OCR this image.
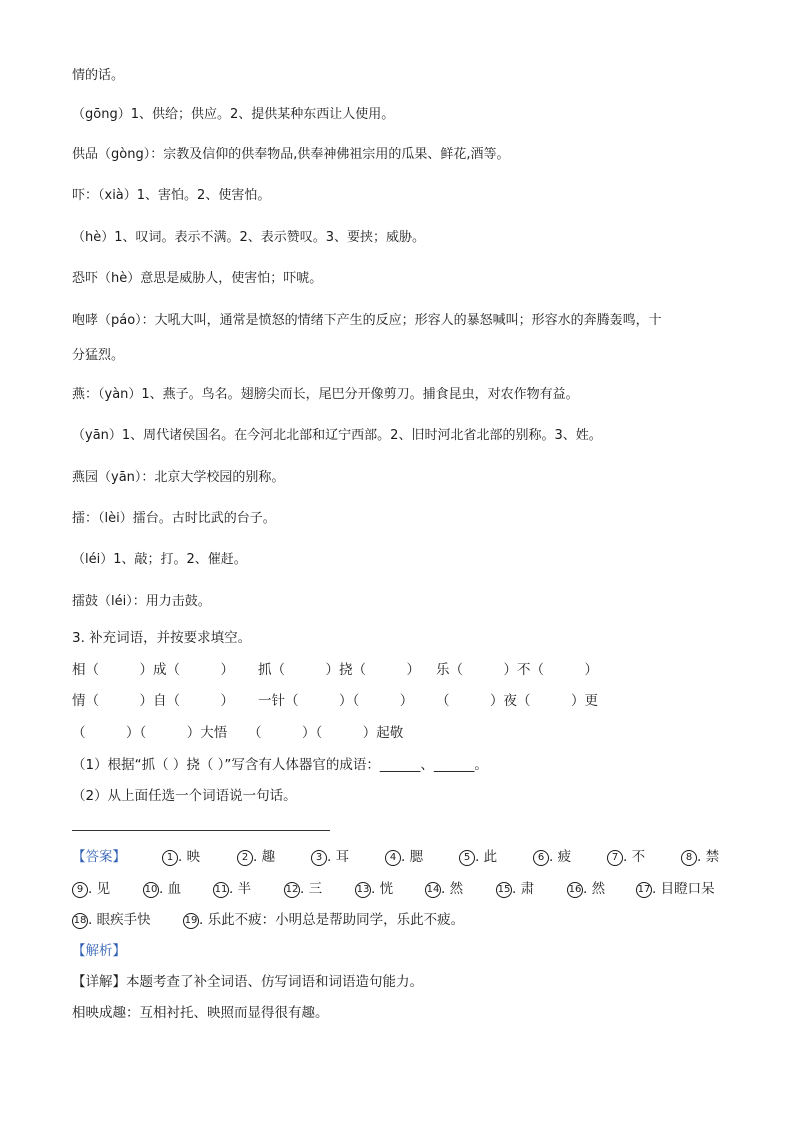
情的话。
（gōng）1、供给；供应。2、提供某种东西让人使用。
供品（gòng）：宗教及信仰的供奉物品,供奉神佛祖宗用的瓜果、鲜花,酒等。
吓：（xià）1、害怕。2、使害怕。
（hè）1、叹词。表示不满。2、表示赞叹。3、要挟；威胁。
恐吓（hè）意思是威胁人，使害怕；吓唬。
咆哮（páo）：大吼大叫，通常是愤怒的情绪下产生的反应；形容人的暴怒喊叫；形容水的奔腾轰鸣，十
分猛烈。
燕：（yàn）1、燕子。鸟名。翅膀尖而长，尾巴分开像剪刀。捕食昆虫，对农作物有益。
（yān）1、周代诸侯国名。在今河北北部和辽宁西部。2、旧时河北省北部的别称。3、姓。
燕园（yān）：北京大学校园的别称。
擂：（lèi）擂台。古时比武的台子。
（léi）1、敲；打。2、催赶。
擂鼓（léi）：用力击鼓。
3. 补充词语，并按要求填空。
相（　　　）成（　　　） 抓（　　　）挠（　　　） 乐（　　　）不（　　　）
情（　　　）自（　　　） 一针（　　　）（　　　） （　　　）夜（　　　）更
（　　　）（　　　）大悟 （　　　）（　　　）起敬
（1）根据“抓（ ）挠（ ）”写含有人体器官的成语：______、______。
（2）从上面任选一个词语说一句话。
【答案】	1 . 映	2 . 趣	3 . 耳	4 . 腮	5 . 此	6 . 疲	7 . 不	8 . 禁
9 . 见	10 . 血	11 . 半	12 . 三	13 . 恍	14 . 然	15 . 肃	16 . 然	17 . 目瞪口呆
18 . 眼疾手快	19 . 乐此不疲：小明总是帮助同学，乐此不疲。
【解析】
【详解】本题考查了补全词语、仿写词语和词语造句能力。
相映成趣：互相衬托、映照而显得很有趣。
